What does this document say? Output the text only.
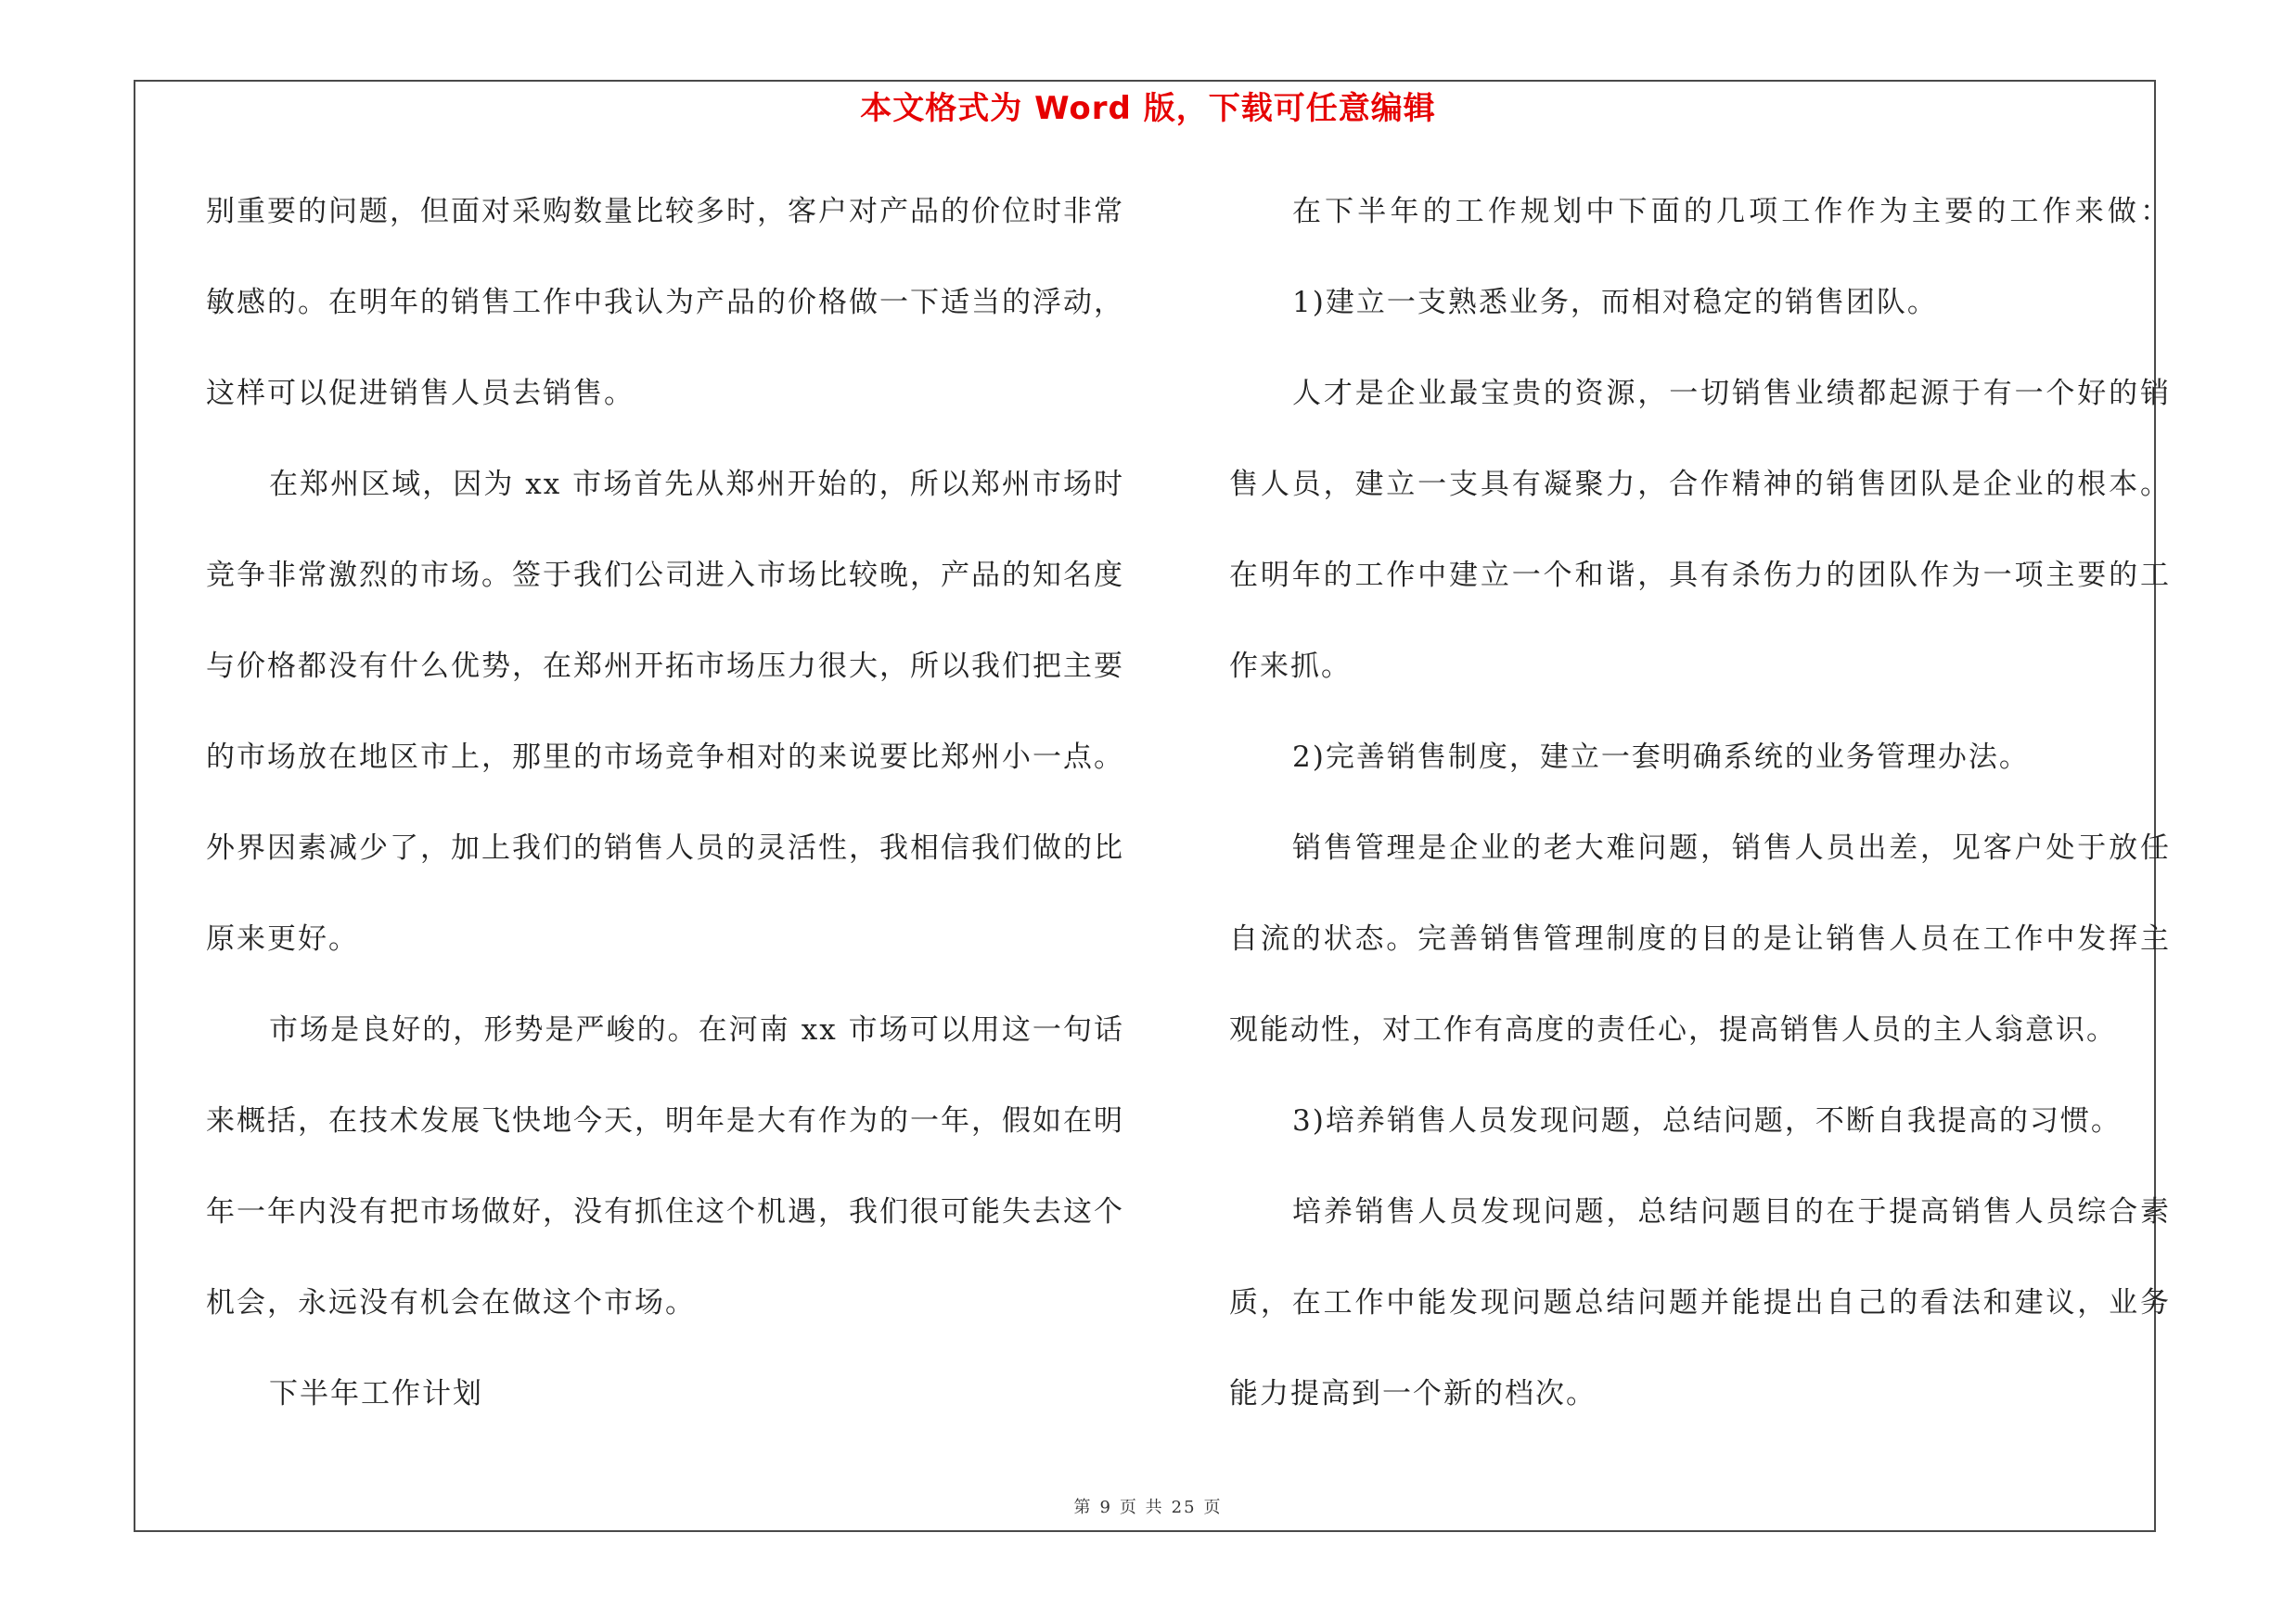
本文格式为 Word 版，下载可任意编辑
别重要的问题，但面对采购数量比较多时，客户对产品的价位时非常
敏感的。在明年的销售工作中我认为产品的价格做一下适当的浮动，
这样可以促进销售人员去销售。
在郑州区域，因为 xx 市场首先从郑州开始的，所以郑州市场时
竞争非常激烈的市场。签于我们公司进入市场比较晚，产品的知名度
与价格都没有什么优势，在郑州开拓市场压力很大，所以我们把主要
的市场放在地区市上，那里的市场竞争相对的来说要比郑州小一点。
外界因素减少了，加上我们的销售人员的灵活性，我相信我们做的比
原来更好。
市场是良好的，形势是严峻的。在河南 xx 市场可以用这一句话
来概括，在技术发展飞快地今天，明年是大有作为的一年，假如在明
年一年内没有把市场做好，没有抓住这个机遇，我们很可能失去这个
机会，永远没有机会在做这个市场。
下半年工作计划
在下半年的工作规划中下面的几项工作作为主要的工作来做：
1)建立一支熟悉业务，而相对稳定的销售团队。
人才是企业最宝贵的资源，一切销售业绩都起源于有一个好的销
售人员，建立一支具有凝聚力，合作精神的销售团队是企业的根本。
在明年的工作中建立一个和谐，具有杀伤力的团队作为一项主要的工
作来抓。
2)完善销售制度，建立一套明确系统的业务管理办法。
销售管理是企业的老大难问题，销售人员出差，见客户处于放任
自流的状态。完善销售管理制度的目的是让销售人员在工作中发挥主
观能动性，对工作有高度的责任心，提高销售人员的主人翁意识。
3)培养销售人员发现问题，总结问题，不断自我提高的习惯。
培养销售人员发现问题，总结问题目的在于提高销售人员综合素
质，在工作中能发现问题总结问题并能提出自己的看法和建议，业务
能力提高到一个新的档次。
第 9 页 共 25 页
